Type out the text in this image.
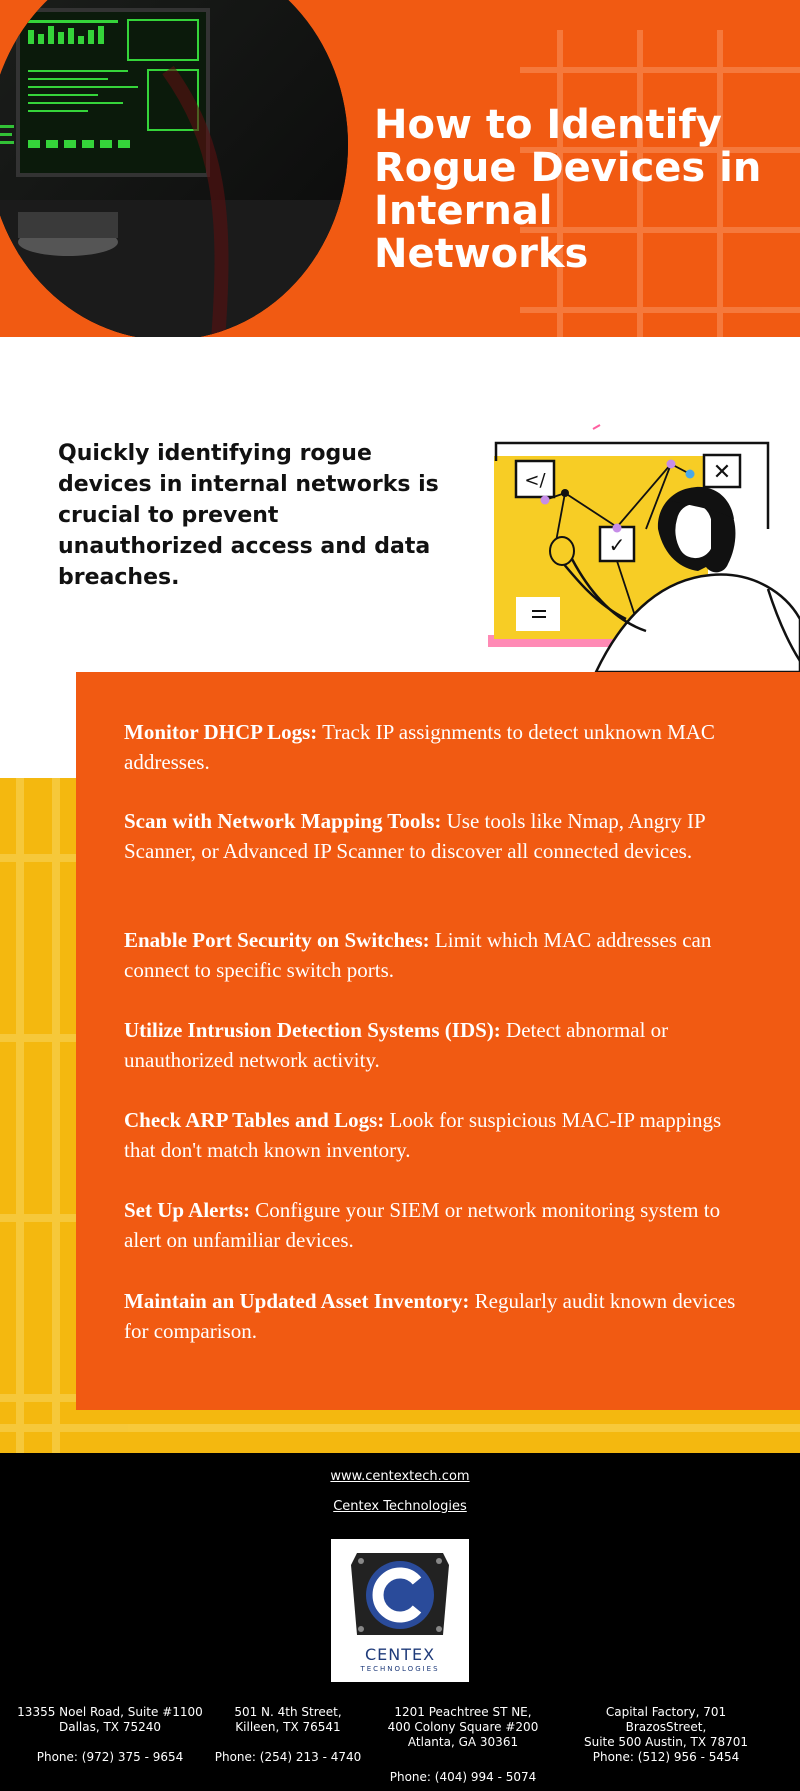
How to Identify
Rogue Devices in
Internal Networks

Quickly identifying rogue devices in internal networks is crucial to prevent unauthorized access and data breaches.

</
✓
✕

Monitor DHCP Logs: Track IP assignments to detect unknown MAC addresses.

Scan with Network Mapping Tools: Use tools like Nmap, Angry IP Scanner, or Advanced IP Scanner to discover all connected devices.

Enable Port Security on Switches: Limit which MAC addresses can connect to specific switch ports.

Utilize Intrusion Detection Systems (IDS): Detect abnormal or unauthorized network activity.

Check ARP Tables and Logs: Look for suspicious MAC-IP mappings that don't match known inventory.

Set Up Alerts: Configure your SIEM or network monitoring system to alert on unfamiliar devices.

Maintain an Updated Asset Inventory: Regularly audit known devices for comparison.

www.centextech.com
Centex Technologies
CENTEX
TECHNOLOGIES
13355 Noel Road, Suite #1100
Dallas, TX 75240
Phone: (972) 375 - 9654
501 N. 4th Street,
Killeen, TX 76541
Phone: (254) 213 - 4740
1201 Peachtree ST NE,
400 Colony Square #200
Atlanta, GA 30361
Phone: (404) 994 - 5074
Capital Factory, 701 BrazosStreet,
Suite 500 Austin, TX 78701
Phone: (512) 956 - 5454
